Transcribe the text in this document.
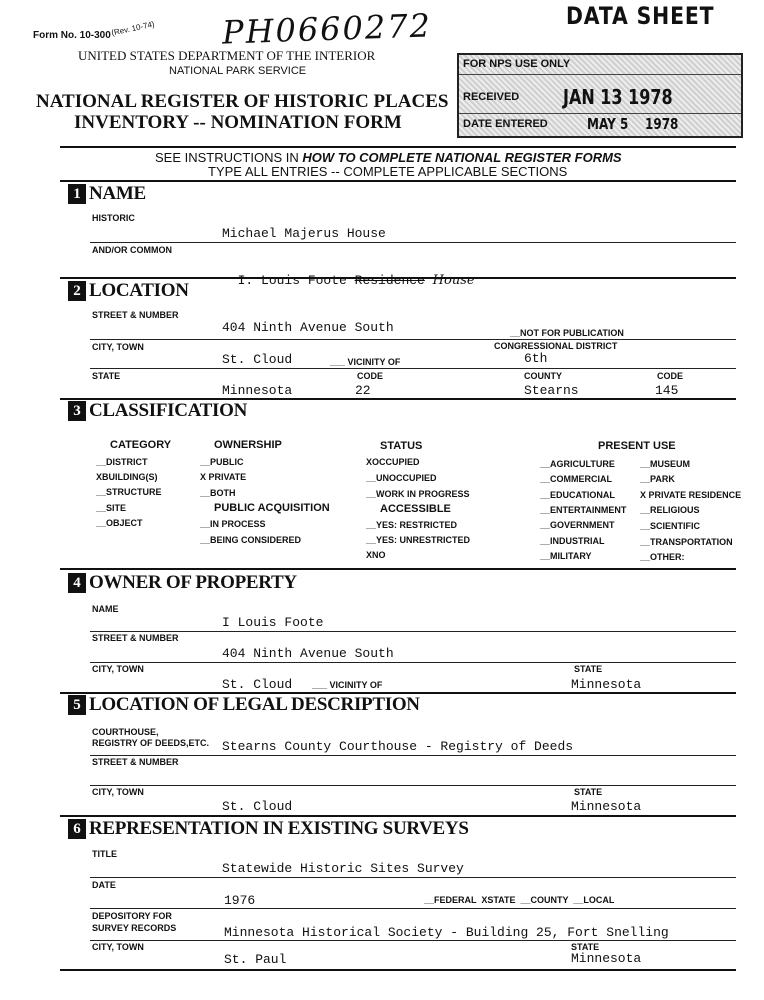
Form No. 10-300 (Rev. 10-74) PH0660272	DATA SHEET
UNITED STATES DEPARTMENT OF THE INTERIOR
NATIONAL PARK SERVICE
NATIONAL REGISTER OF HISTORIC PLACES
INVENTORY -- NOMINATION FORM
FOR NPS USE ONLY
RECEIVED JAN 13 1978
DATE ENTERED	MAY 5    1978
SEE INSTRUCTIONS IN HOW TO COMPLETE NATIONAL REGISTER FORMS
TYPE ALL ENTRIES -- COMPLETE APPLICABLE SECTIONS
1 NAME
HISTORIC
Michael Majerus House
AND/OR COMMON

I. Louis Foote Residence House

2 LOCATION
STREET & NUMBER
404 Ninth Avenue South	__NOT FOR PUBLICATION
CITY, TOWN	CONGRESSIONAL DISTRICT
St. Cloud	___ VICINITY OF	6th
STATE	CODE	COUNTY	CODE
Minnesota	22	Stearns	145
3 CLASSIFICATION
CATEGORY	OWNERSHIP	STATUS	PRESENT USE
__DISTRICT
XBUILDING(S)
__STRUCTURE
__SITE
__OBJECT
__PUBLIC
X PRIVATE
__BOTH
PUBLIC ACQUISITION
__IN PROCESS
__BEING CONSIDERED
XOCCUPIED
__UNOCCUPIED
__WORK IN PROGRESS
ACCESSIBLE
__YES: RESTRICTED
__YES: UNRESTRICTED
XNO
__AGRICULTURE
__COMMERCIAL
__EDUCATIONAL
__ENTERTAINMENT
__GOVERNMENT
__INDUSTRIAL
__MILITARY
__MUSEUM
__PARK
X PRIVATE RESIDENCE
__RELIGIOUS
__SCIENTIFIC
__TRANSPORTATION
__OTHER:
4 OWNER OF PROPERTY
NAME
I Louis Foote
STREET & NUMBER
404 Ninth Avenue South
CITY, TOWN	STATE
St. Cloud ___ VICINITY OF	Minnesota
5 LOCATION OF LEGAL DESCRIPTION
COURTHOUSE,
REGISTRY OF DEEDS,ETC. Stearns County Courthouse - Registry of Deeds
STREET & NUMBER
CITY, TOWN	STATE
St. Cloud	Minnesota
6 REPRESENTATION IN EXISTING SURVEYS
TITLE
Statewide Historic Sites Survey
DATE
1976	__FEDERAL  XSTATE  __COUNTY  __LOCAL
DEPOSITORY FOR
SURVEY RECORDS	Minnesota Historical Society - Building 25, Fort Snelling
CITY, TOWN	STATE
St. Paul	Minnesota
